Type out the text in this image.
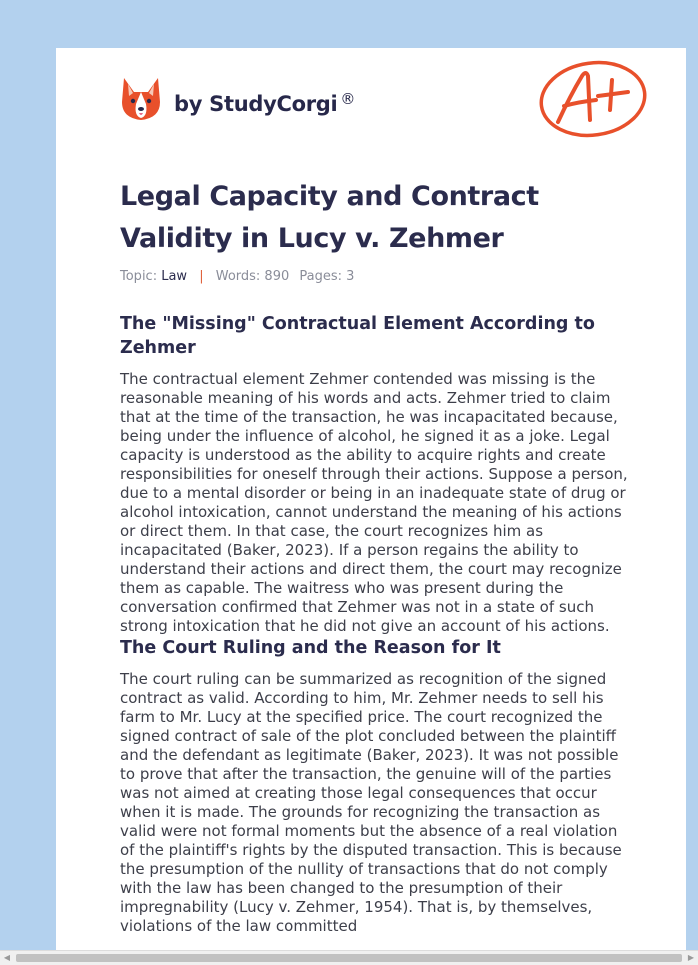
by StudyCorgi ®
Legal Capacity and Contract Validity in Lucy v. Zehmer
Topic: Law | Words: 890 Pages: 3
The "Missing" Contractual Element According to Zehmer

The contractual element Zehmer contended was missing is the reasonable meaning of his words and acts. Zehmer tried to claim that at the time of the transaction, he was incapacitated because, being under the influence of alcohol, he signed it as a joke. Legal capacity is understood as the ability to acquire rights and create responsibilities for oneself through their actions. Suppose a person, due to a mental disorder or being in an inadequate state of drug or alcohol intoxication, cannot understand the meaning of his actions or direct them. In that case, the court recognizes him as incapacitated (Baker, 2023). If a person regains the ability to understand their actions and direct them, the court may recognize them as capable. The waitress who was present during the conversation confirmed that Zehmer was not in a state of such strong intoxication that he did not give an account of his actions.

The Court Ruling and the Reason for It

The court ruling can be summarized as recognition of the signed contract as valid. According to him, Mr. Zehmer needs to sell his farm to Mr. Lucy at the specified price. The court recognized the signed contract of sale of the plot concluded between the plaintiff and the defendant as legitimate (Baker, 2023). It was not possible to prove that after the transaction, the genuine will of the parties was not aimed at creating those legal consequences that occur when it is made. The grounds for recognizing the transaction as valid were not formal moments but the absence of a real violation of the plaintiff's rights by the disputed transaction. This is because the presumption of the nullity of transactions that do not comply with the law has been changed to the presumption of their impregnability (Lucy v. Zehmer, 1954). That is, by themselves, violations of the law committed

◀	▶
